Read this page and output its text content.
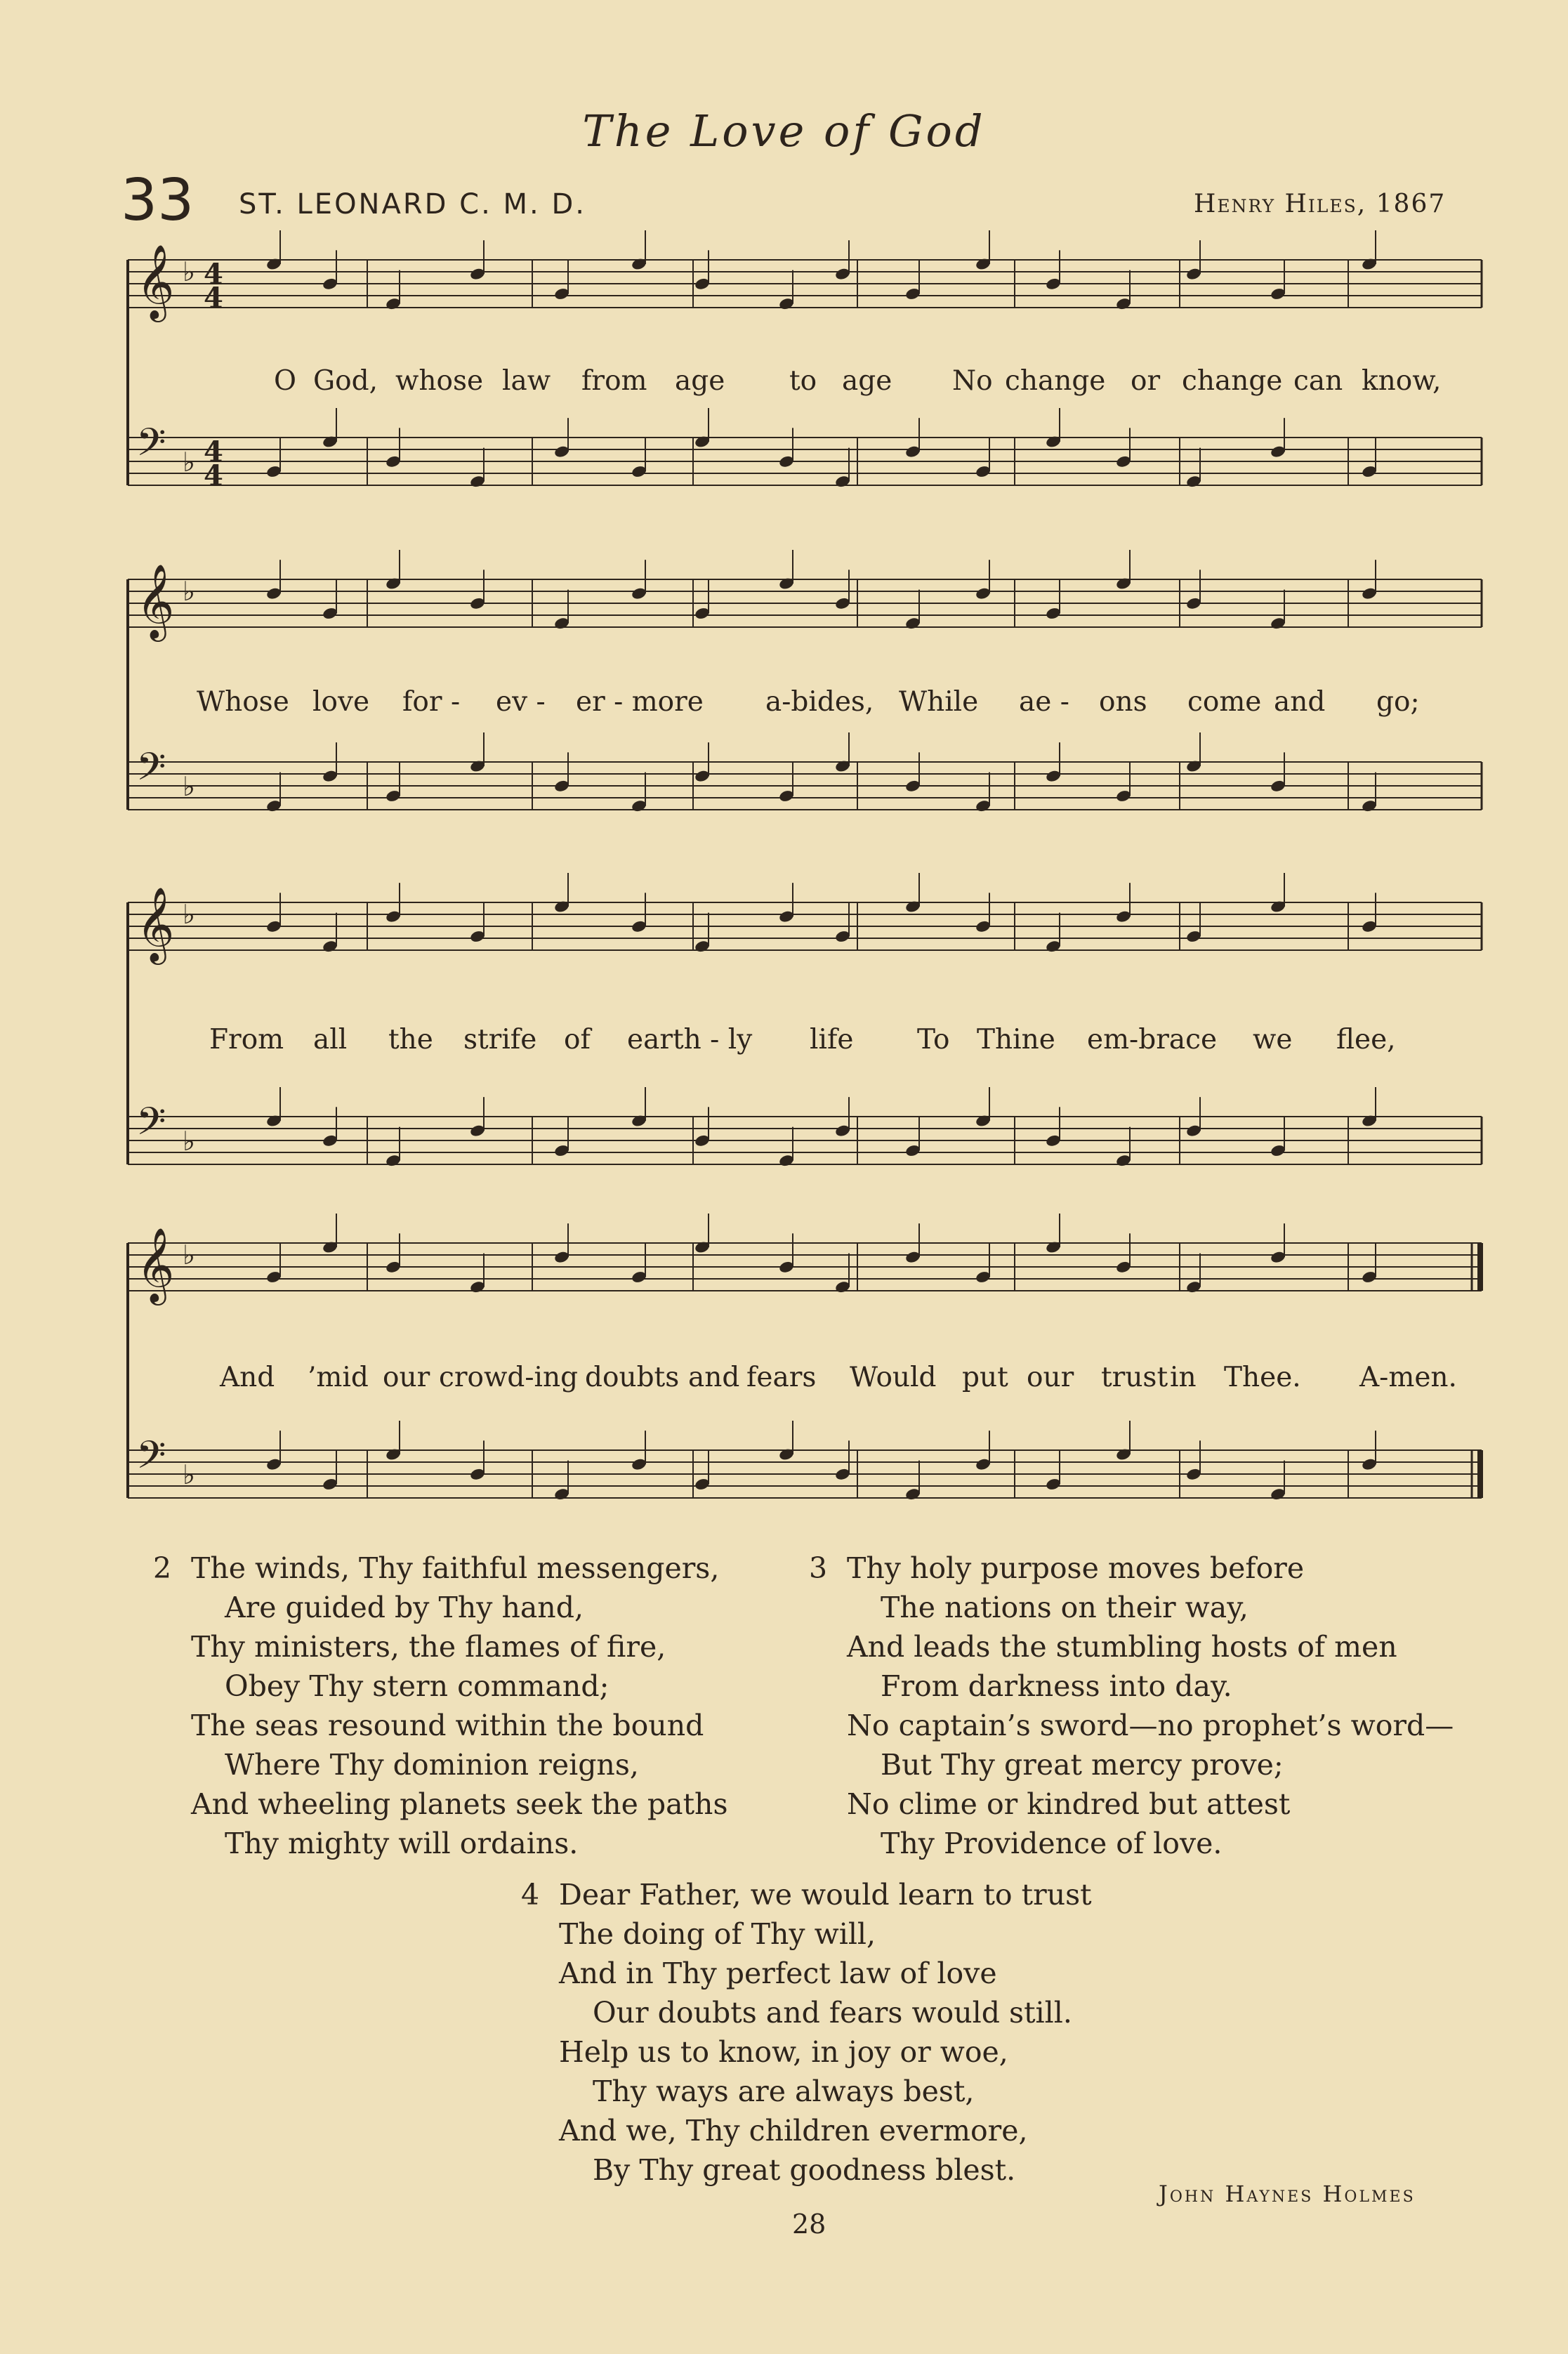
The Love of God
33 ST. LEONARD C. M. D.	Henry Hiles, 1867
𝄞 ♭
𝄢 ♭
𝄞 ♭
𝄢 ♭
𝄞 ♭
𝄢 ♭
𝄞 ♭
𝄢 ♭
4
4
4
4
O God, whose law from age to age No change or change can know,
Whose love for - ev - er - more a-bides, While ae - ons come and go;
From all the strife of earth - ly life To Thine em-brace we flee,
And ’mid our crowd-ing doubts and fears Would put our trust in Thee. A-men.
2 The winds, Thy faithful messengers,
Are guided by Thy hand,
Thy ministers, the flames of fire,
Obey Thy stern command;
The seas resound within the bound
Where Thy dominion reigns,
And wheeling planets seek the paths
Thy mighty will ordains.
3 Thy holy purpose moves before
The nations on their way,
And leads the stumbling hosts of men
From darkness into day.
No captain’s sword—no prophet’s word—
But Thy great mercy prove;
No clime or kindred but attest
Thy Providence of love.
4 Dear Father, we would learn to trust
The doing of Thy will,
And in Thy perfect law of love
Our doubts and fears would still.
Help us to know, in joy or woe,
Thy ways are always best,
And we, Thy children evermore,
By Thy great goodness blest.
John Haynes Holmes
28
